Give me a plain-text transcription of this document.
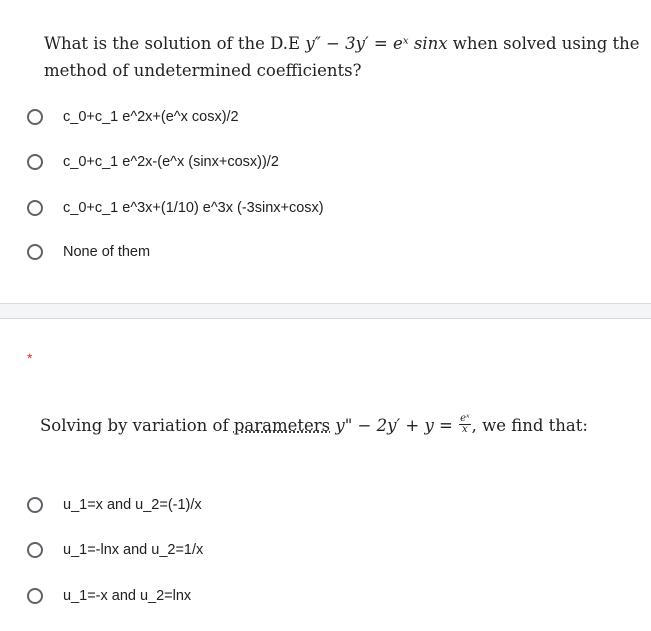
What is the solution of the D.E y″ − 3y′ = eˣ sinx when solved using the method of undetermined coefficients?
c_0+c_1 e^2x+(e^x cosx)/2
c_0+c_1 e^2x-(e^x (sinx+cosx))/2
c_0+c_1 e^3x+(1/10) e^3x (-3sinx+cosx)
None of them
*
Solving by variation of parameters y" − $2y' + y = \frac{\text{eˣ}}{x}$ , we find that:
u_1=x and u_2=(-1)/x
u_1=-lnx and u_2=1/x
u_1=-x and u_2=lnx
